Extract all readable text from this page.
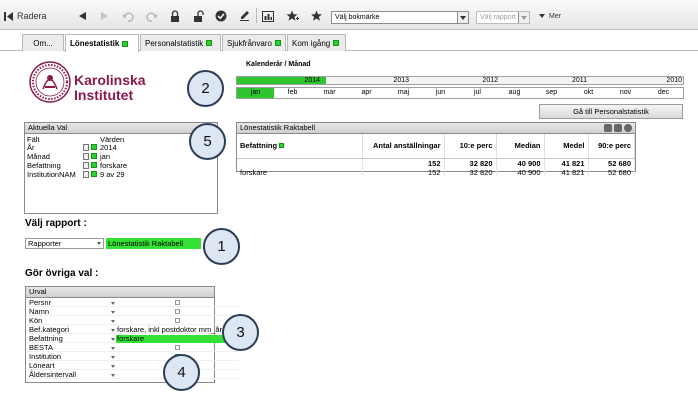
Radera	Välj bokmärke	Välj rapport	Mer
Om... Lönestatistik	Personalstatistik	Sjukfrånvaro	Kom igång
Karolinska
Institutet
Kalenderår / Månad
2014	2013	2012	2011	2010
jan	feb	mar	apr	maj	jun	jul	aug	sep	okt	nov	dec
Gå till Personalstatistik
Aktuella Val
Fält	Värden
År	2014
Månad	jan
Befattning	forskare
InstitutionNAM	9 av 29
Lönestatistik Raktabell
Befattning	Antal anställningar	10:e perc	Median	Medel	90:e perc
	152	32 820	40 900	41 821	52 680
forskare	152	32 820	40 900	41 821	52 680
Välj rapport :
Rapporter	Lönestatistik Raktabell
Gör övriga val :
Urval
Persnr
Namn
Kön
Bef.kategori	forskare, inkl postdoktor mm_år
Befattning	forskare
BESTA
Institution
Löneart
Åldersintervall
1
2
3
4
5
